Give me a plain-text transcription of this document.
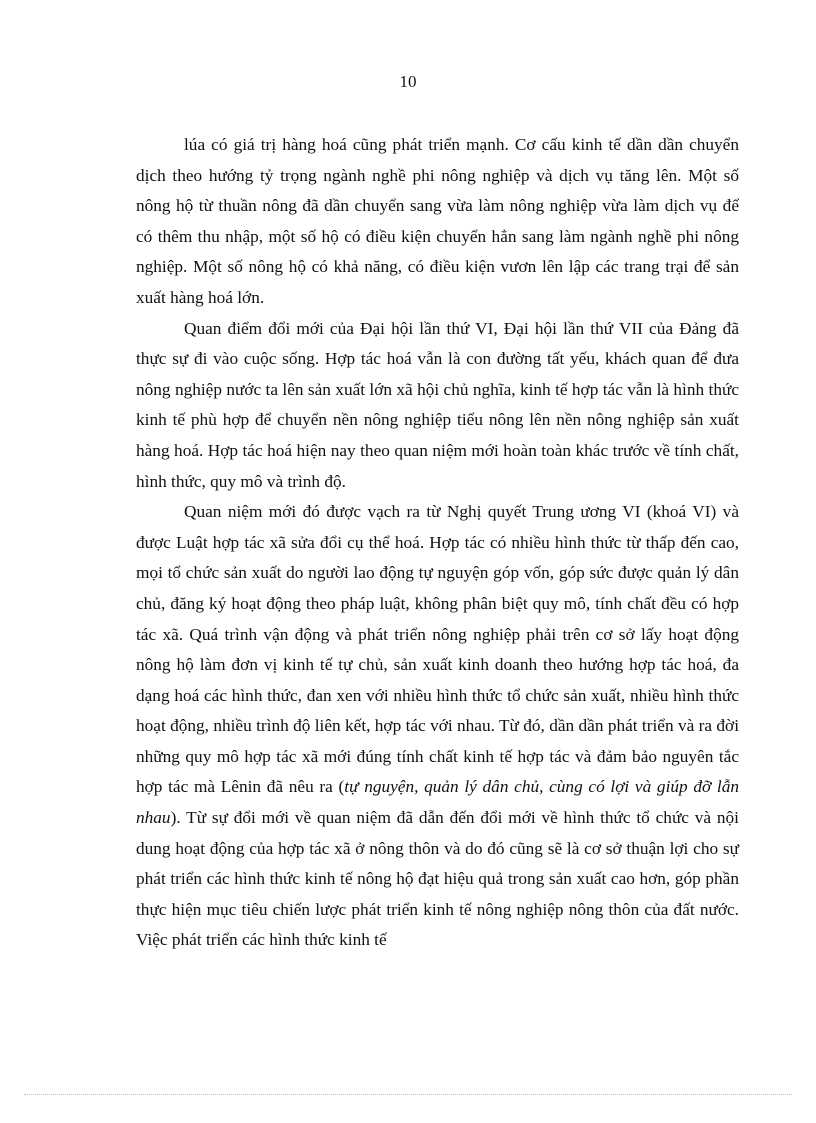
10

lúa có giá trị hàng hoá cũng phát triển mạnh. Cơ cấu kinh tế dần dần chuyển dịch theo hướng tỷ trọng ngành nghề phi nông nghiệp và dịch vụ tăng lên. Một số nông hộ từ thuần nông đã dần chuyển sang vừa làm nông nghiệp vừa làm dịch vụ để có thêm thu nhập, một số hộ có điều kiện chuyển hẳn sang làm ngành nghề phi nông nghiệp. Một số nông hộ có khả năng, có điều kiện vươn lên lập các trang trại để sản xuất hàng hoá lớn.

Quan điểm đổi mới của Đại hội lần thứ VI, Đại hội lần thứ VII của Đảng đã thực sự đi vào cuộc sống. Hợp tác hoá vẫn là con đường tất yếu, khách quan để đưa nông nghiệp nước ta lên sản xuất lớn xã hội chủ nghĩa, kinh tế hợp tác vẫn là hình thức kinh tế phù hợp để chuyển nền nông nghiệp tiểu nông lên nền nông nghiệp sản xuất hàng hoá. Hợp tác hoá hiện nay theo quan niệm mới hoàn toàn khác trước về tính chất, hình thức, quy mô và trình độ.

Quan niệm mới đó được vạch ra từ Nghị quyết Trung ương VI (khoá VI) và được Luật hợp tác xã sửa đổi cụ thể hoá. Hợp tác có nhiều hình thức từ thấp đến cao, mọi tổ chức sản xuất do người lao động tự nguyện góp vốn, góp sức được quản lý dân chủ, đăng ký hoạt động theo pháp luật, không phân biệt quy mô, tính chất đều có hợp tác xã. Quá trình vận động và phát triển nông nghiệp phải trên cơ sở lấy hoạt động nông hộ làm đơn vị kinh tế tự chủ, sản xuất kinh doanh theo hướng hợp tác hoá, đa dạng hoá các hình thức, đan xen với nhiều hình thức tổ chức sản xuất, nhiều hình thức hoạt động, nhiều trình độ liên kết, hợp tác với nhau. Từ đó, dần dần phát triển và ra đời những quy mô hợp tác xã mới đúng tính chất kinh tế hợp tác và đảm bảo nguyên tắc hợp tác mà Lênin đã nêu ra (tự nguyện, quản lý dân chủ, cùng có lợi và giúp đỡ lẫn nhau). Từ sự đổi mới về quan niệm đã dẫn đến đổi mới về hình thức tổ chức và nội dung hoạt động của hợp tác xã ở nông thôn và do đó cũng sẽ là cơ sở thuận lợi cho sự phát triển các hình thức kinh tế nông hộ đạt hiệu quả trong sản xuất cao hơn, góp phần thực hiện mục tiêu chiến lược phát triển kinh tế nông nghiệp nông thôn của đất nước. Việc phát triển các hình thức kinh tế
